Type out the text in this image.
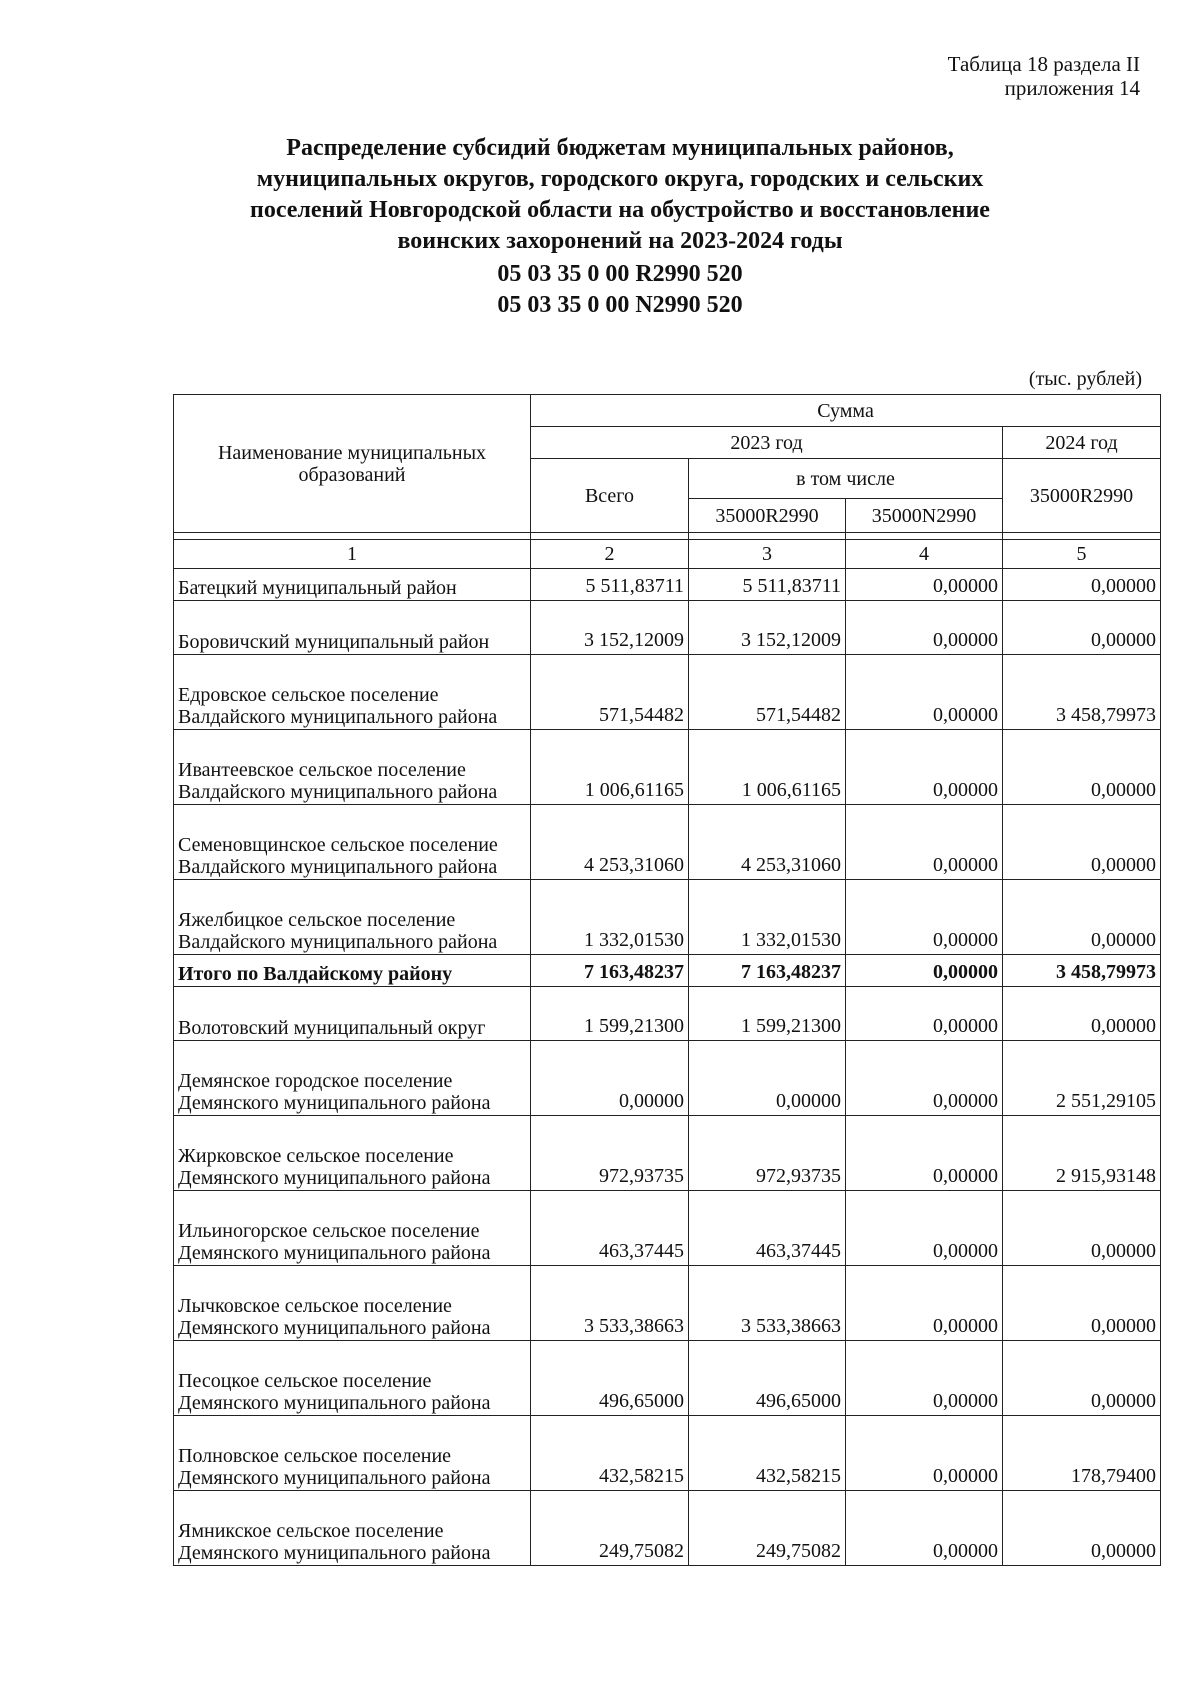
Таблица 18 раздела II
приложения 14
Распределение субсидий бюджетам муниципальных районов,
муниципальных округов, городского округа, городских и сельских
поселений Новгородской области на обустройство и восстановление
воинских захоронений на 2023-2024 годы
05 03 35 0 00 R2990 520
05 03 35 0 00 N2990 520
(тыс. рублей)
Наименование муниципальных образований	Сумма			
	2023 год			2024 год
	Всего	в том числе		35000R2990
		35000R2990	35000N2990	

1	2	3	4	5
Батецкий муниципальный район	5 511,83711	5 511,83711	0,00000	0,00000
Боровичский муниципальный район	3 152,12009	3 152,12009	0,00000	0,00000
Едровское сельское поселение Валдайского муниципального района	571,54482	571,54482	0,00000	3 458,79973
Ивантеевское сельское поселение Валдайского муниципального района	1 006,61165	1 006,61165	0,00000	0,00000
Семеновщинское сельское поселение Валдайского муниципального района	4 253,31060	4 253,31060	0,00000	0,00000
Яжелбицкое сельское поселение Валдайского муниципального района	1 332,01530	1 332,01530	0,00000	0,00000
Итого по Валдайскому району	7 163,48237	7 163,48237	0,00000	3 458,79973
Волотовский муниципальный округ	1 599,21300	1 599,21300	0,00000	0,00000
Демянское городское поселение Демянского муниципального района	0,00000	0,00000	0,00000	2 551,29105
Жирковское сельское поселение Демянского муниципального района	972,93735	972,93735	0,00000	2 915,93148
Ильиногорское сельское поселение Демянского муниципального района	463,37445	463,37445	0,00000	0,00000
Лычковское сельское поселение Демянского муниципального района	3 533,38663	3 533,38663	0,00000	0,00000
Песоцкое сельское поселение Демянского муниципального района	496,65000	496,65000	0,00000	0,00000
Полновское сельское поселение Демянского муниципального района	432,58215	432,58215	0,00000	178,79400
Ямникское сельское поселение Демянского муниципального района	249,75082	249,75082	0,00000	0,00000
